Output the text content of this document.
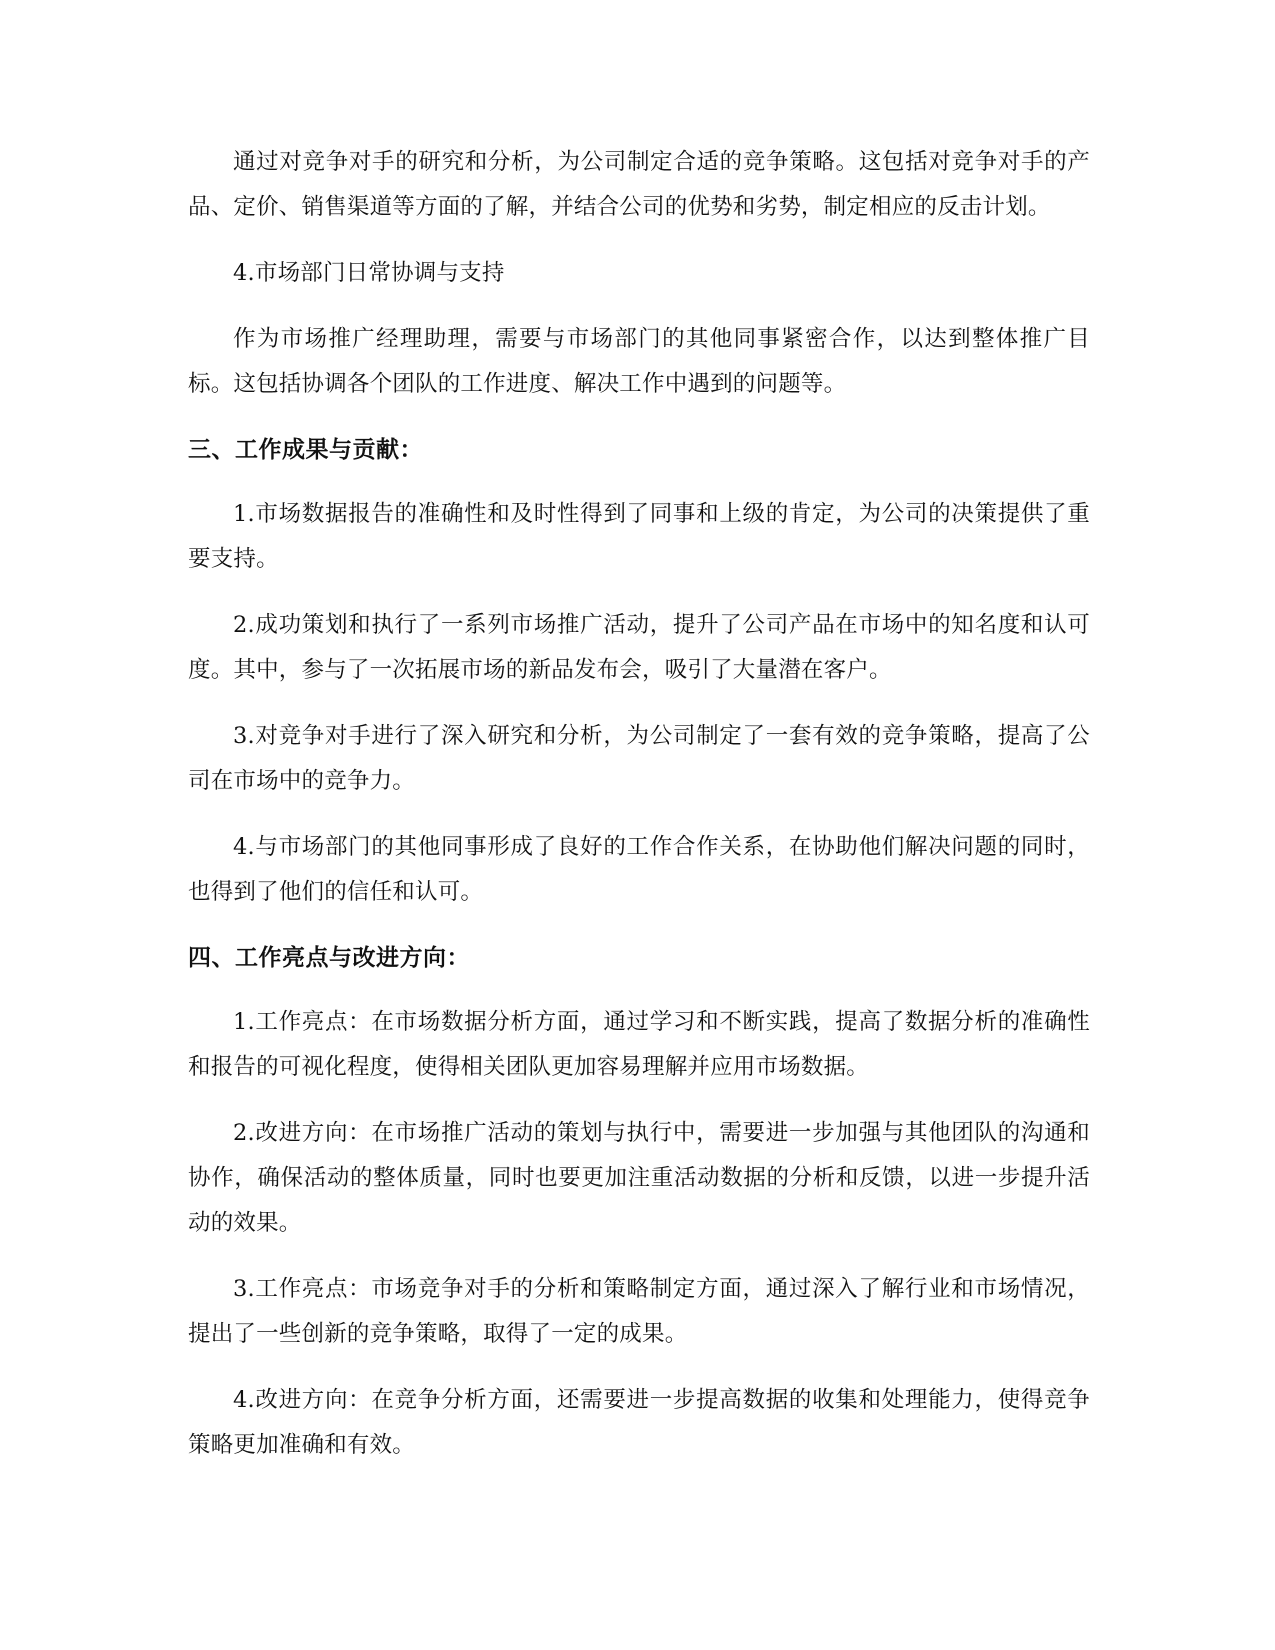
通过对竞争对手的研究和分析，为公司制定合适的竞争策略。这包括对竞争对手的产品、定价、销售渠道等方面的了解，并结合公司的优势和劣势，制定相应的反击计划。

4.市场部门日常协调与支持

作为市场推广经理助理，需要与市场部门的其他同事紧密合作，以达到整体推广目标。这包括协调各个团队的工作进度、解决工作中遇到的问题等。

三、工作成果与贡献：

1.市场数据报告的准确性和及时性得到了同事和上级的肯定，为公司的决策提供了重要支持。

2.成功策划和执行了一系列市场推广活动，提升了公司产品在市场中的知名度和认可度。其中，参与了一次拓展市场的新品发布会，吸引了大量潜在客户。

3.对竞争对手进行了深入研究和分析，为公司制定了一套有效的竞争策略，提高了公司在市场中的竞争力。

4.与市场部门的其他同事形成了良好的工作合作关系，在协助他们解决问题的同时，也得到了他们的信任和认可。

四、工作亮点与改进方向：

1.工作亮点：在市场数据分析方面，通过学习和不断实践，提高了数据分析的准确性和报告的可视化程度，使得相关团队更加容易理解并应用市场数据。

2.改进方向：在市场推广活动的策划与执行中，需要进一步加强与其他团队的沟通和协作，确保活动的整体质量，同时也要更加注重活动数据的分析和反馈，以进一步提升活动的效果。

3.工作亮点：市场竞争对手的分析和策略制定方面，通过深入了解行业和市场情况，提出了一些创新的竞争策略，取得了一定的成果。

4.改进方向：在竞争分析方面，还需要进一步提高数据的收集和处理能力，使得竞争策略更加准确和有效。
